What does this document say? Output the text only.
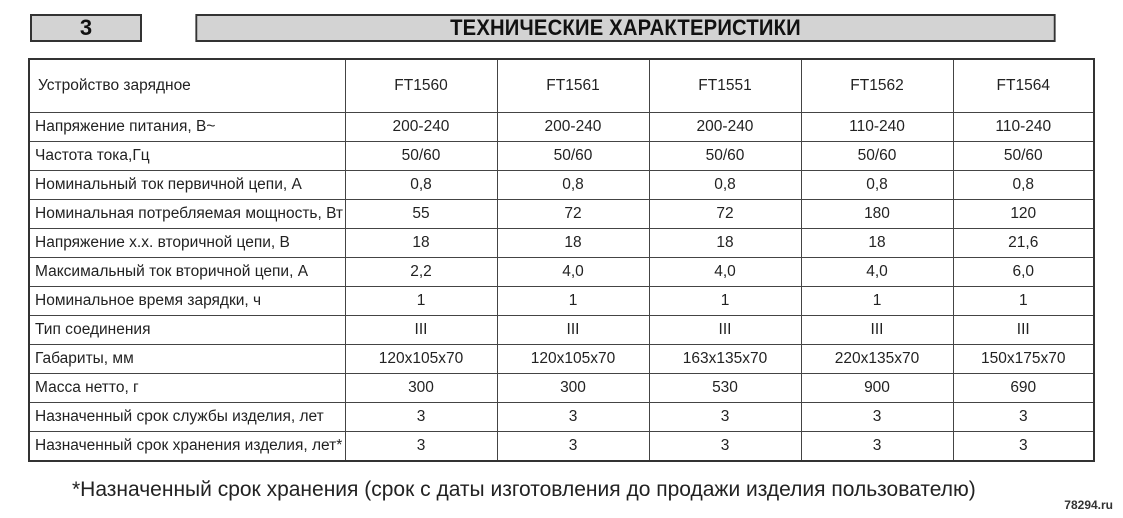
3	ТЕХНИЧЕСКИЕ ХАРАКТЕРИСТИКИ
Устройство зарядное	FT1560	FT1561	FT1551	FT1562	FT1564
Напряжение питания, В~	200-240	200-240	200-240	110-240	110-240
Частота тока,Гц	50/60	50/60	50/60	50/60	50/60
Номинальный ток первичной цепи, А	0,8	0,8	0,8	0,8	0,8
Номинальная потребляемая мощность, Вт	55	72	72	180	120
Напряжение х.х. вторичной цепи, В	18	18	18	18	21,6
Максимальный ток вторичной цепи, А	2,2	4,0	4,0	4,0	6,0
Номинальное время зарядки, ч	1	1	1	1	1
Тип соединения	III	III	III	III	III
Габариты, мм	120x105x70	120x105x70	163x135x70	220x135x70	150x175x70
Масса нетто, г	300	300	530	900	690
Назначенный срок службы изделия, лет	3	3	3	3	3
Назначенный срок хранения изделия, лет*	3	3	3	3	3
*Назначенный срок хранения (срок с даты изготовления до продажи изделия пользователю)
78294.ru
